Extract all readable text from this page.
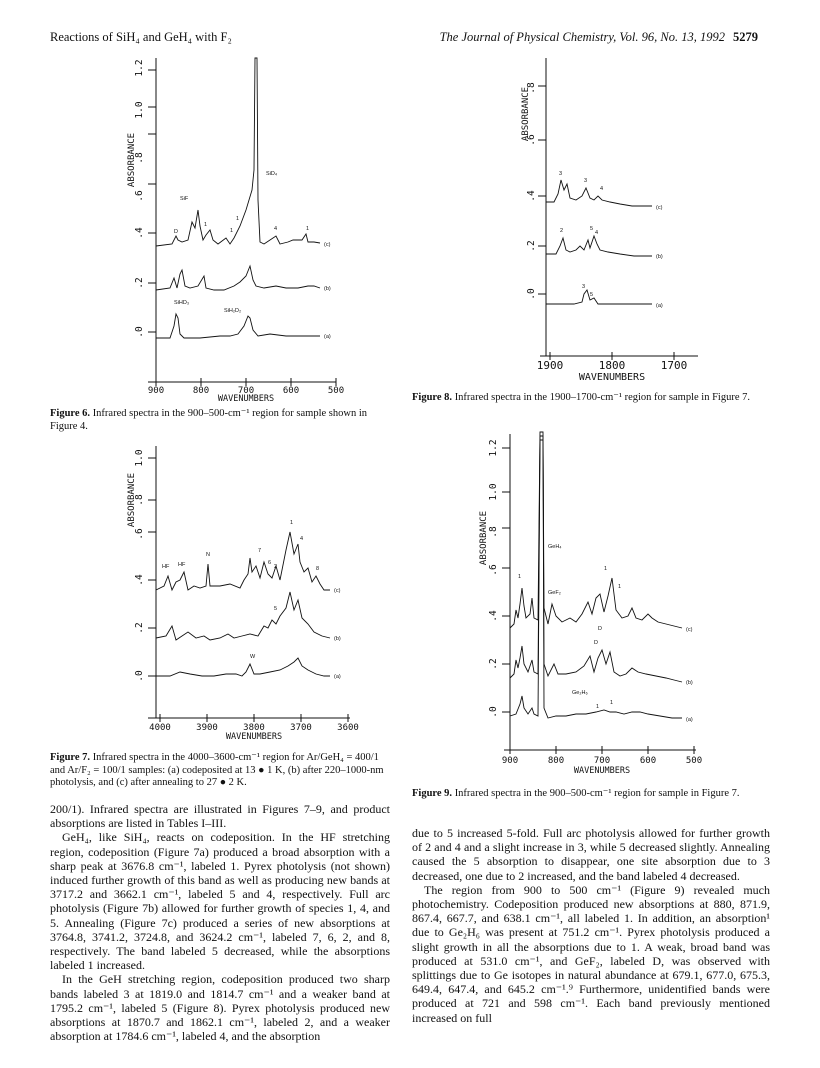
Reactions of SiH₄ and GeH₄ with F₂	The Journal of Physical Chemistry, Vol. 96, No. 13, 1992 5279
.0
.2
.4
.6
.8
1.0
1.2
ABSORBANCE
900	800	700	600	500
WAVENUMBERS
SiF
D
1
1
1
SiD₄
4	1
SiHD₃
SiH₂D₂
(c)
(b)
(a)
Figure 6. Infrared spectra in the 900–500-cm⁻¹ region for sample shown in Figure 4.
.0
.2
.4
.6
.8
1.0
ABSORBANCE
4000	3900	3800	3700	3600
WAVENUMBERS
HF HF
N
7
6
2
1
4
8
5
W
(c)
(b)
(a)
Figure 7. Infrared spectra in the 4000–3600-cm⁻¹ region for Ar/GeH₄ = 400/1 and Ar/F₂ = 100/1 samples: (a) codeposited at 13 ● 1 K, (b) after 220–1000-nm photolysis, and (c) after annealing to 27 ● 2 K.
.0
.2
.4
.6
.8
ABSORBANCE
1900	1800	1700
WAVENUMBERS
3
3
4
2	5
4
3
5
(c)
(b)
(a)
Figure 8. Infrared spectra in the 1900–1700-cm⁻¹ region for sample in Figure 7.
.0
.2
.4
.6
.8
1.0
1.2
ABSORBANCE
900	800	700	600	500
WAVENUMBERS
GeH₄
GeF₂
1
1
1
D
D
Ge₂H₆
1
1
(c)
(b)
(a)
Figure 9. Infrared spectra in the 900–500-cm⁻¹ region for sample in Figure 7.

200/1). Infrared spectra are illustrated in Figures 7–9, and product absorptions are listed in Tables I–III.

GeH₄, like SiH₄, reacts on codeposition. In the HF stretching region, codeposition (Figure 7a) produced a broad absorption with a sharp peak at 3676.8 cm⁻¹, labeled 1. Pyrex photolysis (not shown) induced further growth of this band as well as producing new bands at 3717.2 and 3662.1 cm⁻¹, labeled 5 and 4, respectively. Full arc photolysis (Figure 7b) allowed for further growth of species 1, 4, and 5. Annealing (Figure 7c) produced a series of new absorptions at 3764.8, 3741.2, 3724.8, and 3624.2 cm⁻¹, labeled 7, 6, 2, and 8, respectively. The band labeled 5 decreased, while the absorptions labeled 1 increased.

In the GeH stretching region, codeposition produced two sharp bands labeled 3 at 1819.0 and 1814.7 cm⁻¹ and a weaker band at 1795.2 cm⁻¹, labeled 5 (Figure 8). Pyrex photolysis produced new absorptions at 1870.7 and 1862.1 cm⁻¹, labeled 2, and a weaker absorption at 1784.6 cm⁻¹, labeled 4, and the absorption

due to 5 increased 5-fold. Full arc photolysis allowed for further growth of 2 and 4 and a slight increase in 3, while 5 decreased slightly. Annealing caused the 5 absorption to disappear, one site absorption due to 3 decreased, one due to 2 increased, and the band labeled 4 decreased.

The region from 900 to 500 cm⁻¹ (Figure 9) revealed much photochemistry. Codeposition produced new absorptions at 880, 871.9, 867.4, 667.7, and 638.1 cm⁻¹, all labeled 1. In addition, an absorption¹ due to Ge₂H₆ was present at 751.2 cm⁻¹. Pyrex photolysis produced a slight growth in all the absorptions due to 1. A weak, broad band was produced at 531.0 cm⁻¹, and GeF₂, labeled D, was observed with splittings due to Ge isotopes in natural abundance at 679.1, 677.0, 675.3, 649.4, 647.4, and 645.2 cm⁻¹.⁹ Furthermore, unidentified bands were produced at 721 and 598 cm⁻¹. Each band previously mentioned increased on full
